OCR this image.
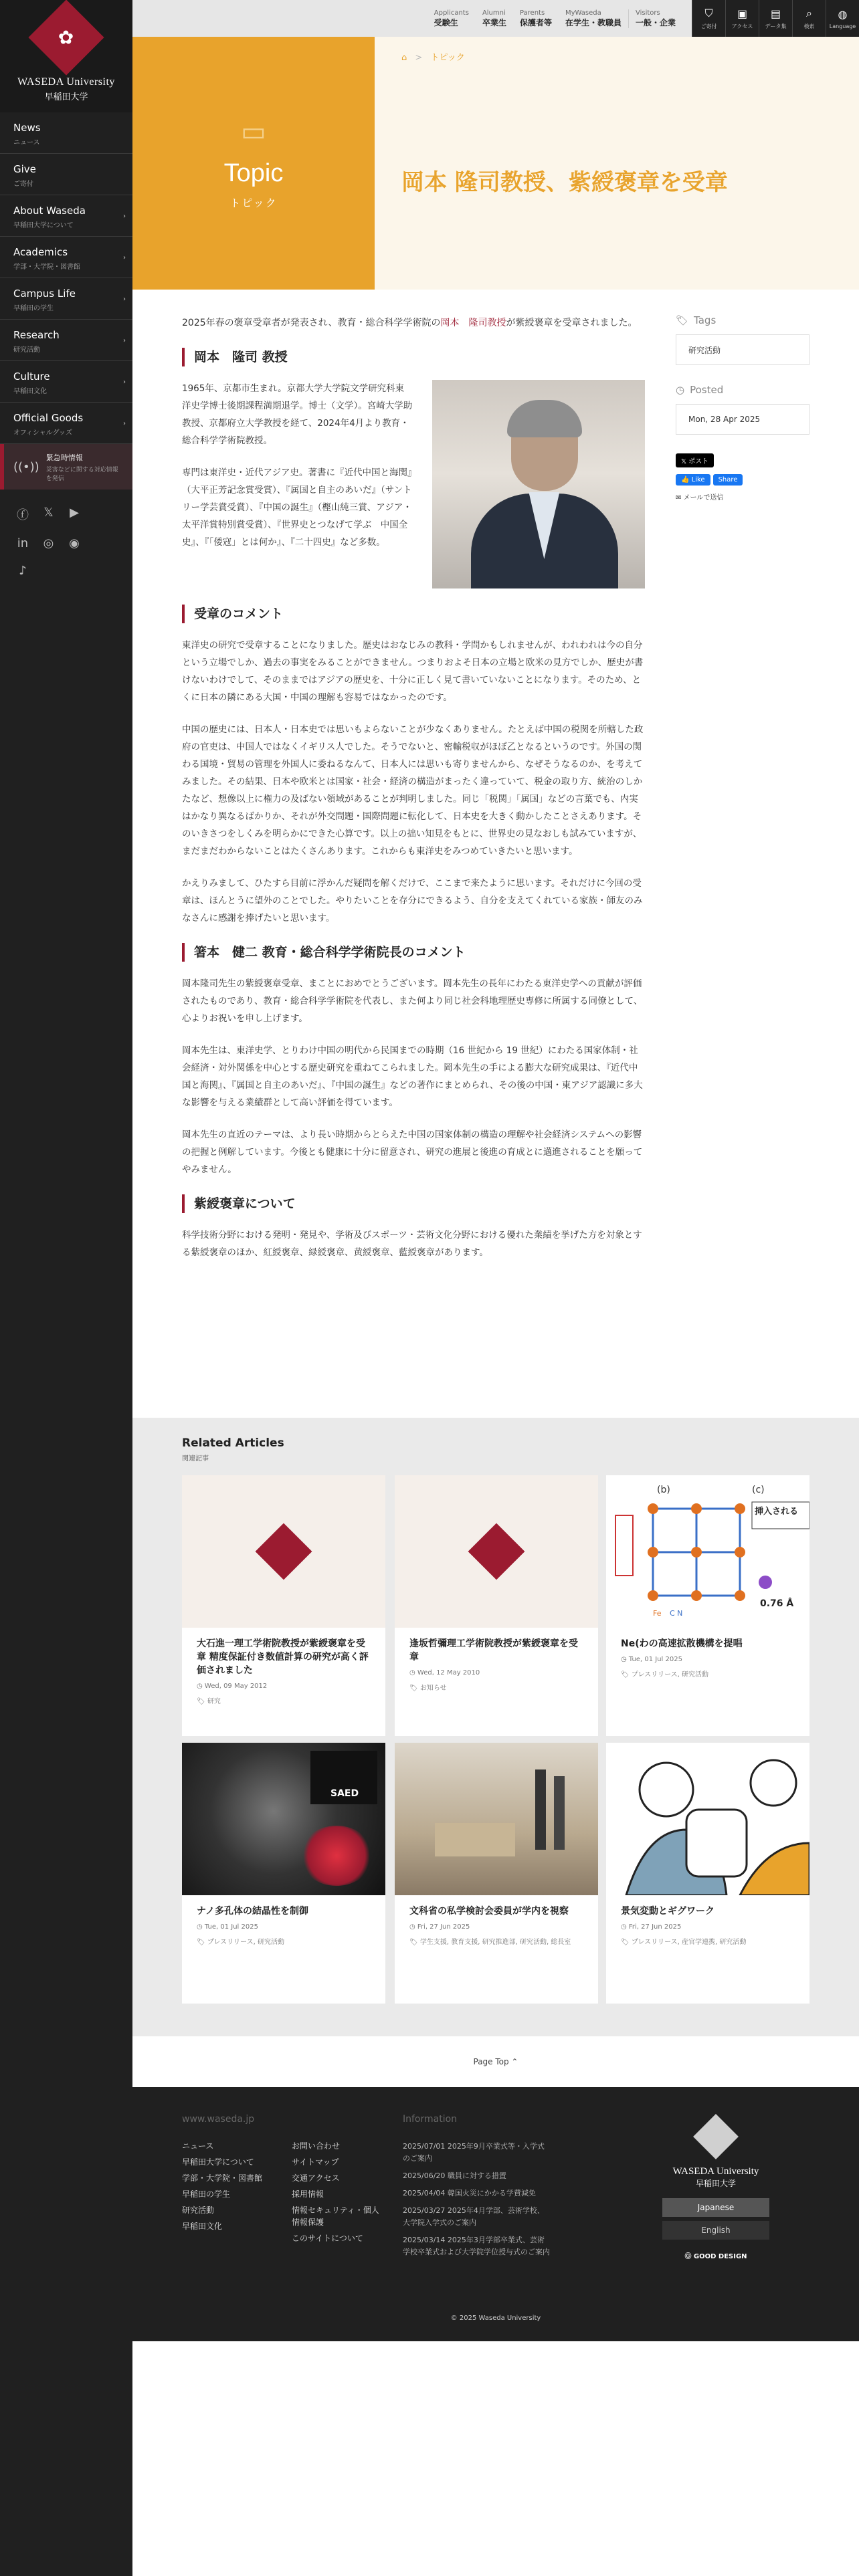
✿
WASEDA University
早稲田大学
News
ニュース
Give
ご寄付
About Waseda
早稲田大学について
›
Academics
学部・大学院・図書館
›
Campus Life
早稲田の学生
›
Research
研究活動
›
Culture
早稲田文化
›
Official Goods
オフィシャルグッズ
›
((•))
緊急時情報
災害などに関する対応情報を発信
ⓕ 𝕏 ▶
in ◎ ◉
♪
Applicants
受験生
Alumni
卒業生
Parents
保護者等
MyWaseda
在学生・教職員
Visitors
一般・企業
⛉
ご寄付
▣
アクセス
▤
データ集
⌕
検索
◍
Language
▭
Topic
トピック
⌂ > トピック
岡本 隆司教授、紫綬褒章を受章

2025年春の褒章受章者が発表され、教育・総合科学学術院の岡本　隆司教授が紫綬褒章を受章されました。

岡本　隆司 教授

1965年、京都市生まれ。京都大学大学院文学研究科東洋史学博士後期課程満期退学。博士（文学）。宮崎大学助教授、京都府立大学教授を経て、2024年4月より教育・総合科学学術院教授。

専門は東洋史・近代アジア史。著書に『近代中国と海関』（大平正芳記念賞受賞）、『属国と自主のあいだ』（サントリー学芸賞受賞）、『中国の誕生』（樫山純三賞、アジア・太平洋賞特別賞受賞）、『世界史とつなげて学ぶ　中国全史』、『「倭寇」とは何か』、『二十四史』など多数。

受章のコメント

東洋史の研究で受章することになりました。歴史はおなじみの教科・学問かもしれませんが、われわれは今の自分という立場でしか、過去の事実をみることができません。つまりおよそ日本の立場と欧米の見方でしか、歴史が書けないわけでして、そのままではアジアの歴史を、十分に正しく見て書いていないことになります。そのため、とくに日本の隣にある大国・中国の理解も容易ではなかったのです。

中国の歴史には、日本人・日本史では思いもよらないことが少なくありません。たとえば中国の税関を所轄した政府の官吏は、中国人ではなくイギリス人でした。そうでないと、密輸税収がほぼ乙となるというのです。外国の関わる国境・貿易の管理を外国人に委ねるなんて、日本人には思いも寄りませんから、なぜそうなるのか、を考えてみました。その結果、日本や欧米とは国家・社会・経済の構造がまったく違っていて、税金の取り方、統治のしかたなど、想像以上に権力の及ばない領域があることが判明しました。同じ「税関」「属国」などの言葉でも、内実はかなり異なるばかりか、それが外交問題・国際問題に転化して、日本史を大きく動かしたことさえあります。そのいきさつをしくみを明らかにできた心算です。以上の拙い知見をもとに、世界史の見なおしも試みていますが、まだまだわからないことはたくさんあります。これからも東洋史をみつめていきたいと思います。

かえりみまして、ひたすら目前に浮かんだ疑問を解くだけで、ここまで来たように思います。それだけに今回の受章は、ほんとうに望外のことでした。やりたいことを存分にできるよう、自分を支えてくれている家族・師友のみなさんに感謝を捧げたいと思います。

箸本　健二 教育・総合科学学術院長のコメント

岡本隆司先生の紫綬褒章受章、まことにおめでとうございます。岡本先生の長年にわたる東洋史学への貢献が評価されたものであり、教育・総合科学学術院を代表し、また何より同じ社会科地理歴史専修に所属する同僚として、心よりお祝いを申し上げます。

岡本先生は、東洋史学、とりわけ中国の明代から民国までの時期（16 世紀から 19 世紀）にわたる国家体制・社会経済・対外関係を中心とする歴史研究を重ねてこられました。岡本先生の手による膨大な研究成果は、『近代中国と海関』、『属国と自主のあいだ』、『中国の誕生』などの著作にまとめられ、その後の中国・東アジア認識に多大な影響を与える業績群として高い評価を得ています。

岡本先生の直近のテーマは、より長い時期からとらえた中国の国家体制の構造の理解や社会経済システムへの影響の把握と例解しています。今後とも健康に十分に留意され、研究の進展と後進の育成とに邁進されることを願ってやみません。

紫綬褒章について

科学技術分野における発明・発見や、学術及びスポーツ・芸術文化分野における優れた業績を挙げた方を対象とする紫綬褒章のほか、紅綬褒章、緑綬褒章、黄綬褒章、藍綬褒章があります。

🏷 Tags
研究活動
◷ Posted
Mon, 28 Apr 2025
𝕏 ポスト
👍 Like Share
✉ メールで送信
Related Articles
関連記事
大石進一理工学術院教授が紫綬褒章を受章 精度保証付き数値計算の研究が高く評価されました
◷ Wed, 09 May 2012
🏷 研究
逢坂哲彌理工学術院教授が紫綬褒章を受章
◷ Wed, 12 May 2010
🏷 お知らせ
(b)	(c)
挿入される
0.76 Å
Fe C N
Ne(わの高速拡散機構を提唱
◷ Tue, 01 Jul 2025
🏷 プレスリリース, 研究活動
SAED
ナノ多孔体の結晶性を制御
◷ Tue, 01 Jul 2025
🏷 プレスリリース, 研究活動
文科省の私学検討会委員が学内を視察
◷ Fri, 27 Jun 2025
🏷 学生支援, 教育支援, 研究推進部, 研究活動, 総長室
景気変動とギグワーク
◷ Fri, 27 Jun 2025
🏷 プレスリリース, 産官学連携, 研究活動
Page Top ⌃
www.waseda.jp
ニュース
早稲田大学について
学部・大学院・図書館
早稲田の学生
研究活動
早稲田文化
お問い合わせ
サイトマップ
交通アクセス
採用情報
情報セキュリティ・個人情報保護
このサイトについて
Information
2025/07/01 2025年9月卒業式等・入学式のご案内
2025/06/20 職員に対する措置
2025/04/04 韓国火災にかかる学費減免
2025/03/27 2025年4月学部、芸術学校、大学院入学式のご案内
2025/03/14 2025年3月学部卒業式、芸術学校卒業式および大学院学位授与式のご案内
WASEDA University
早稲田大学
Japanese
English
Ⓖ GOOD DESIGN
© 2025 Waseda University
